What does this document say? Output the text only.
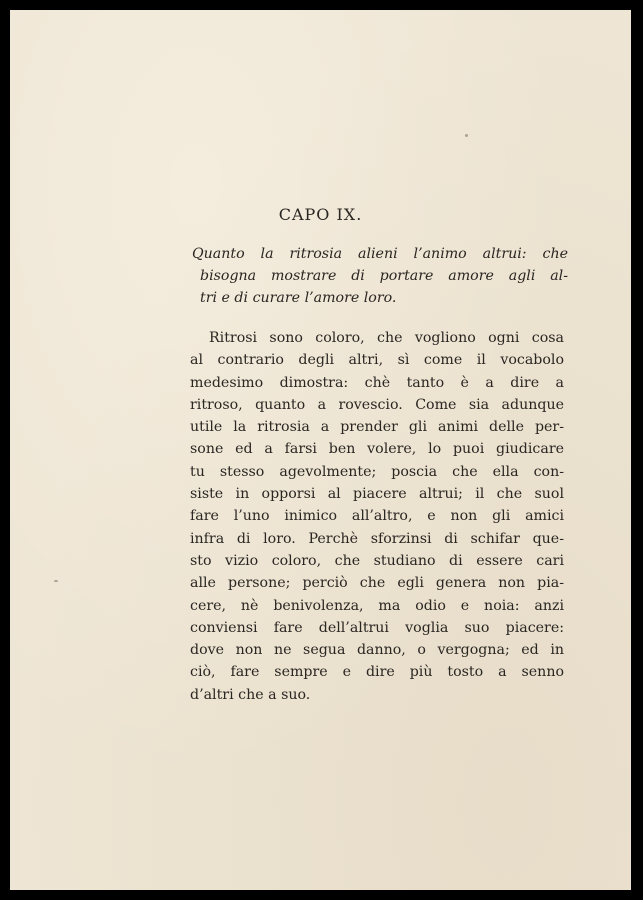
CAPO IX.
Quanto la ritrosia alieni l’animo altrui: che
bisogna mostrare di portare amore agli al-
tri e di curare l’amore loro.
Ritrosi sono coloro, che vogliono ogni cosa
al contrario degli altri, sì come il vocabolo
medesimo dimostra: chè tanto è a dire a
ritroso, quanto a rovescio. Come sia adunque
utile la ritrosia a prender gli animi delle per-
sone ed a farsi ben volere, lo puoi giudicare
tu stesso agevolmente; poscia che ella con-
siste in opporsi al piacere altrui; il che suol
fare l’uno inimico all’altro, e non gli amici
infra di loro. Perchè sforzinsi di schifar que-
sto vizio coloro, che studiano di essere cari
alle persone; perciò che egli genera non pia-
cere, nè benivolenza, ma odio e noia: anzi
conviensi fare dell’altrui voglia suo piacere:
dove non ne segua danno, o vergogna; ed in
ciò, fare sempre e dire più tosto a senno
d’altri che a suo.
